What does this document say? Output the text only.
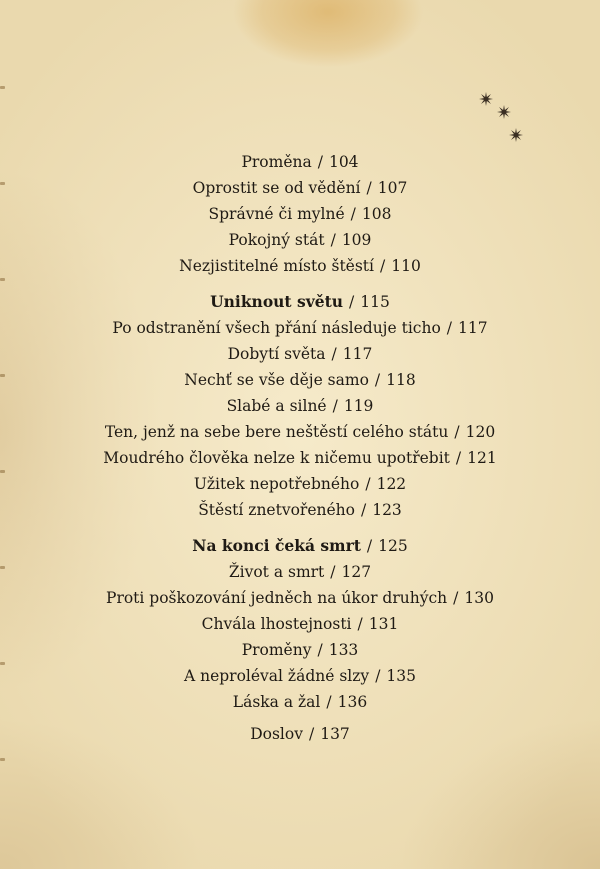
Proměna / 104
Oprostit se od vědění / 107
Správné či mylné / 108
Pokojný stát / 109
Nezjistitelné místo štěstí / 110
Uniknout světu / 115
Po odstranění všech přání následuje ticho / 117
Dobytí světa / 117
Nechť se vše děje samo / 118
Slabé a silné / 119
Ten, jenž na sebe bere neštěstí celého státu / 120
Moudrého člověka nelze k ničemu upotřebit / 121
Užitek nepotřebného / 122
Štěstí znetvořeného / 123
Na konci čeká smrt / 125
Život a smrt / 127
Proti poškozování jedněch na úkor druhých / 130
Chvála lhostejnosti / 131
Proměny / 133
A neproléval žádné slzy / 135
Láska a žal / 136
Doslov / 137
